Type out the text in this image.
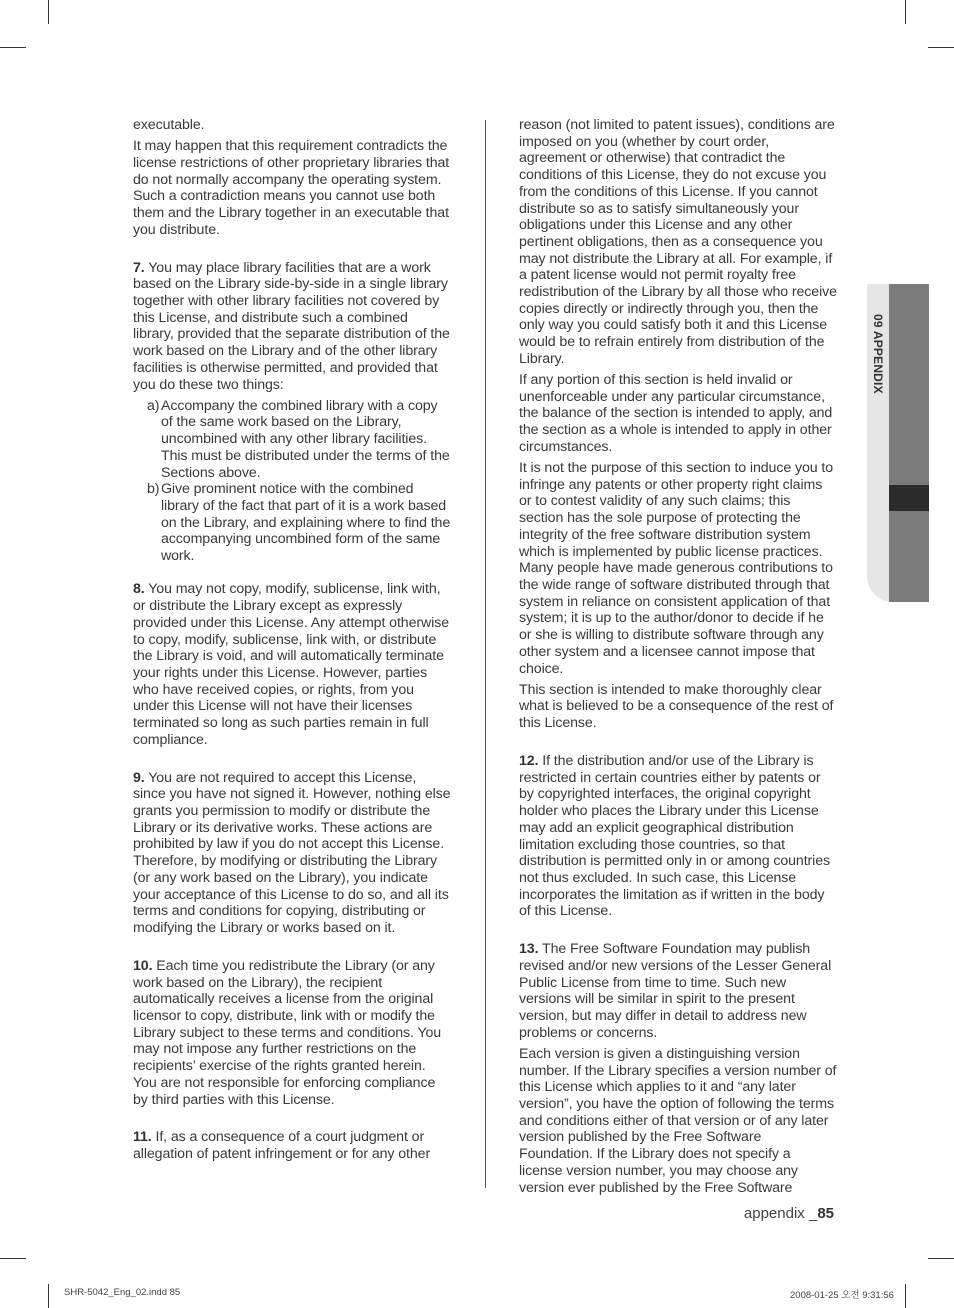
executable.

It may happen that this requirement contradicts the license restrictions of other proprietary libraries that do not normally accompany the operating system. Such a contradiction means you cannot use both them and the Library together in an executable that you distribute.

7. You may place library facilities that are a work based on the Library side-by-side in a single library together with other library facilities not covered by this License, and distribute such a combined library, provided that the separate distribution of the work based on the Library and of the other library facilities is otherwise permitted, and provided that you do these two things:

a) Accompany the combined library with a copy of the same work based on the Library, uncombined with any other library facilities. This must be distributed under the terms of the Sections above.
b) Give prominent notice with the combined library of the fact that part of it is a work based on the Library, and explaining where to find the accompanying uncombined form of the same work.

8. You may not copy, modify, sublicense, link with, or distribute the Library except as expressly provided under this License. Any attempt otherwise to copy, modify, sublicense, link with, or distribute the Library is void, and will automatically terminate your rights under this License. However, parties who have received copies, or rights, from you under this License will not have their licenses terminated so long as such parties remain in full compliance.

9. You are not required to accept this License, since you have not signed it. However, nothing else grants you permission to modify or distribute the Library or its derivative works. These actions are prohibited by law if you do not accept this License. Therefore, by modifying or distributing the Library (or any work based on the Library), you indicate your acceptance of this License to do so, and all its terms and conditions for copying, distributing or modifying the Library or works based on it.

10. Each time you redistribute the Library (or any work based on the Library), the recipient automatically receives a license from the original licensor to copy, distribute, link with or modify the Library subject to these terms and conditions. You may not impose any further restrictions on the recipients’ exercise of the rights granted herein. You are not responsible for enforcing compliance by third parties with this License.

11. If, as a consequence of a court judgment or allegation of patent infringement or for any other

reason (not limited to patent issues), conditions are imposed on you (whether by court order, agreement or otherwise) that contradict the conditions of this License, they do not excuse you from the conditions of this License. If you cannot distribute so as to satisfy simultaneously your obligations under this License and any other pertinent obligations, then as a consequence you may not distribute the Library at all. For example, if a patent license would not permit royalty free redistribution of the Library by all those who receive copies directly or indirectly through you, then the only way you could satisfy both it and this License would be to refrain entirely from distribution of the Library.

If any portion of this section is held invalid or unenforceable under any particular circumstance, the balance of the section is intended to apply, and the section as a whole is intended to apply in other circumstances.

It is not the purpose of this section to induce you to infringe any patents or other property right claims or to contest validity of any such claims; this section has the sole purpose of protecting the integrity of the free software distribution system which is implemented by public license practices. Many people have made generous contributions to the wide range of software distributed through that system in reliance on consistent application of that system; it is up to the author/donor to decide if he or she is willing to distribute software through any other system and a licensee cannot impose that choice.

This section is intended to make thoroughly clear what is believed to be a consequence of the rest of this License.

12. If the distribution and/or use of the Library is restricted in certain countries either by patents or by copyrighted interfaces, the original copyright holder who places the Library under this License may add an explicit geographical distribution limitation excluding those countries, so that distribution is permitted only in or among countries not thus excluded. In such case, this License incorporates the limitation as if written in the body of this License.

13. The Free Software Foundation may publish revised and/or new versions of the Lesser General Public License from time to time. Such new versions will be similar in spirit to the present version, but may differ in detail to address new problems or concerns.

Each version is given a distinguishing version number. If the Library specifies a version number of this License which applies to it and “any later version”, you have the option of following the terms and conditions either of that version or of any later version published by the Free Software Foundation. If the Library does not specify a license version number, you may choose any version ever published by the Free Software

09 APPENDIX
appendix _85
SHR-5042_Eng_02.indd 85	2008-01-25 오전 9:31:56
